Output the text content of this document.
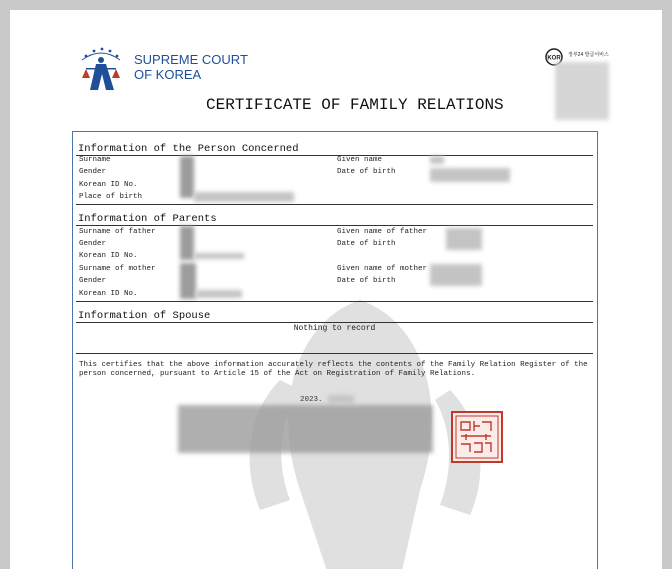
SUPREME COURT
OF KOREA
KOR
정부24 발급서비스
CERTIFICATE OF FAMILY RELATIONS
Information of the Person Concerned
Surname	Given name
Gender	Date of birth
Korean ID No.
Place of birth
Information of Parents
Surname of father	Given name of father
Gender	Date of birth
Korean ID No.
Surname of mother	Given name of mother
Gender	Date of birth
Korean ID No.
Information of Spouse
Nothing to record
This certifies that the above information accurately reflects the contents of the Family Relation Register of the person concerned, pursuant to Article 15 of the Act on Registration of Family Relations.
2023.
